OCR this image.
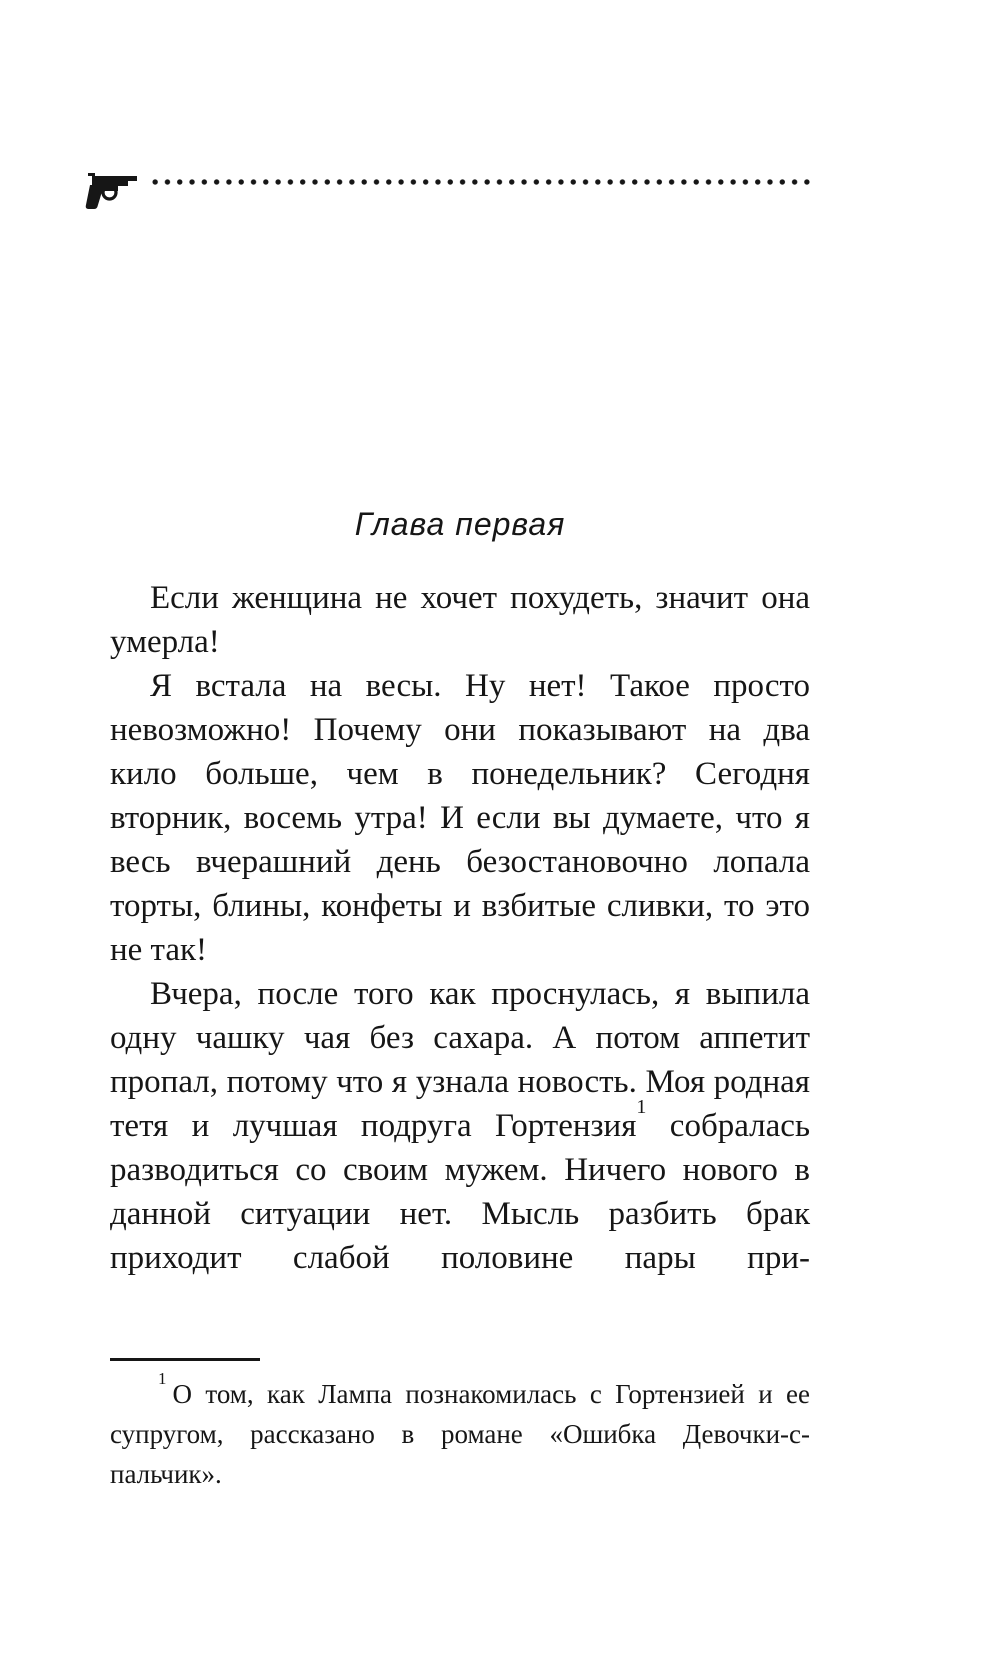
Глава первая

Если женщина не хочет похудеть, значит она умерла!

Я встала на весы. Ну нет! Такое просто невозможно! Почему они показывают на два кило больше, чем в понедельник? Сегодня вторник, восемь утра! И если вы думаете, что я весь вчерашний день безостановочно лопала торты, блины, конфеты и взбитые сливки, то это не так!

Вчера, после того как проснулась, я выпила одну чашку чая без сахара. А потом аппетит пропал, потому что я узнала новость. Моя родная тетя и лучшая подруга Гортензия$^1$ собралась разводиться со своим мужем. Ничего нового в данной ситуации нет. Мысль разбить брак приходит слабой половине пары при-

$^1$О том, как Лампа познакомилась с Гортензией и ее супругом, рассказано в романе «Ошибка Девочки-с-пальчик».
